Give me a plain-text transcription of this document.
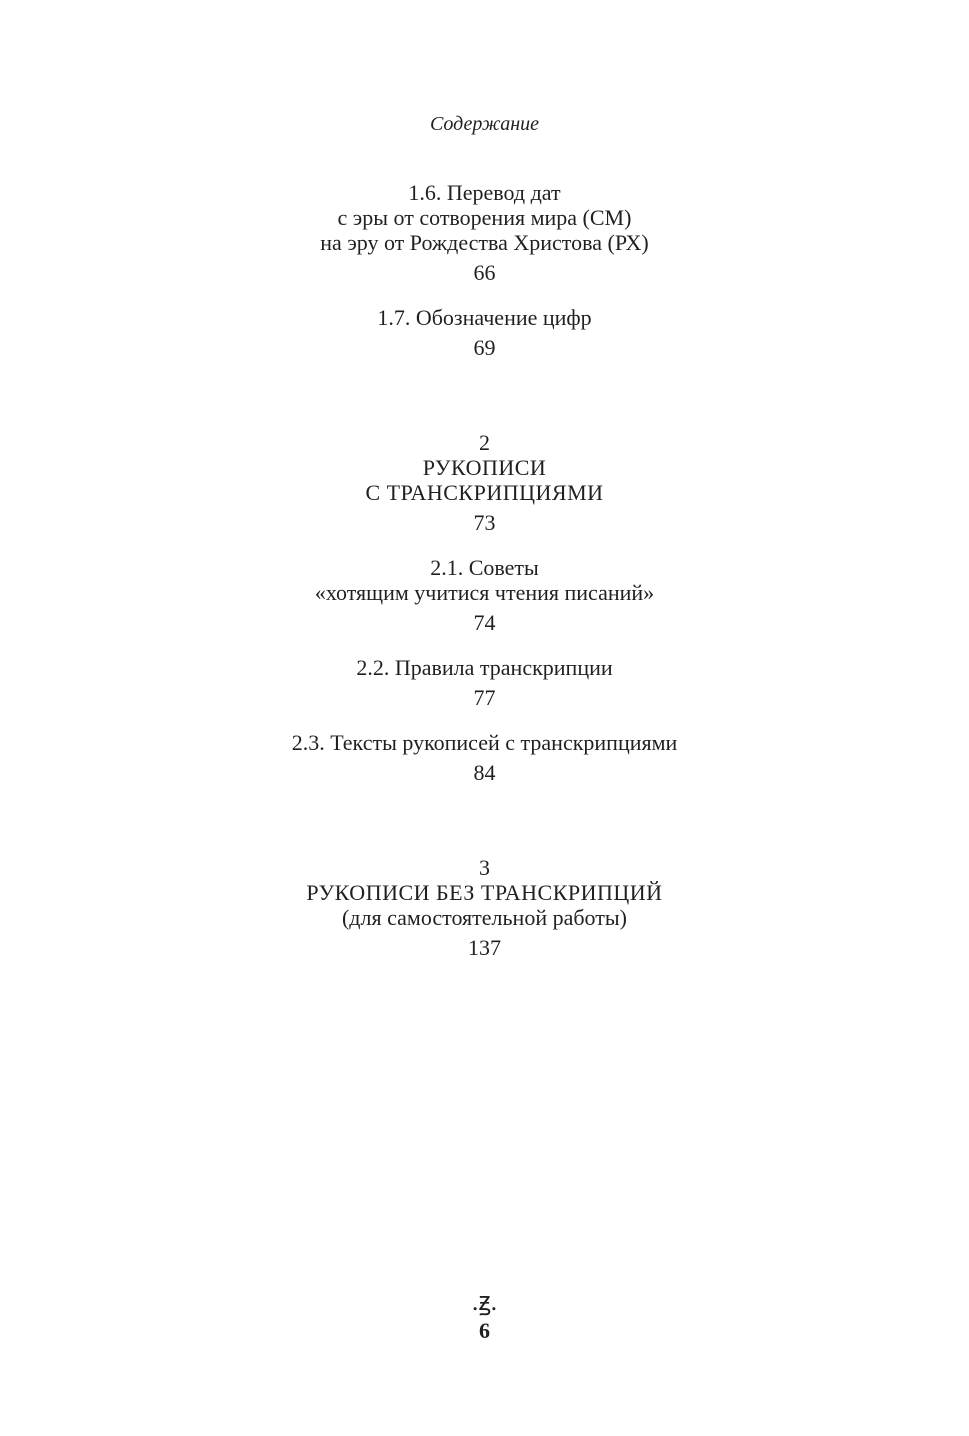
Содержание
1.6. Перевод дат
с эры от сотворения мира (СМ)
на эру от Рождества Христова (РХ)
66
1.7. Обозначение цифр
69
2
РУКОПИСИ
С ТРАНСКРИПЦИЯМИ
73
2.1. Советы
«хотящим учитися чтения писаний»
74
2.2. Правила транскрипции
77
2.3. Тексты рукописей с транскрипциями
84
3
РУКОПИСИ БЕЗ ТРАНСКРИПЦИЙ
(для самостоятельной работы)
137
.ꙃ.
6
